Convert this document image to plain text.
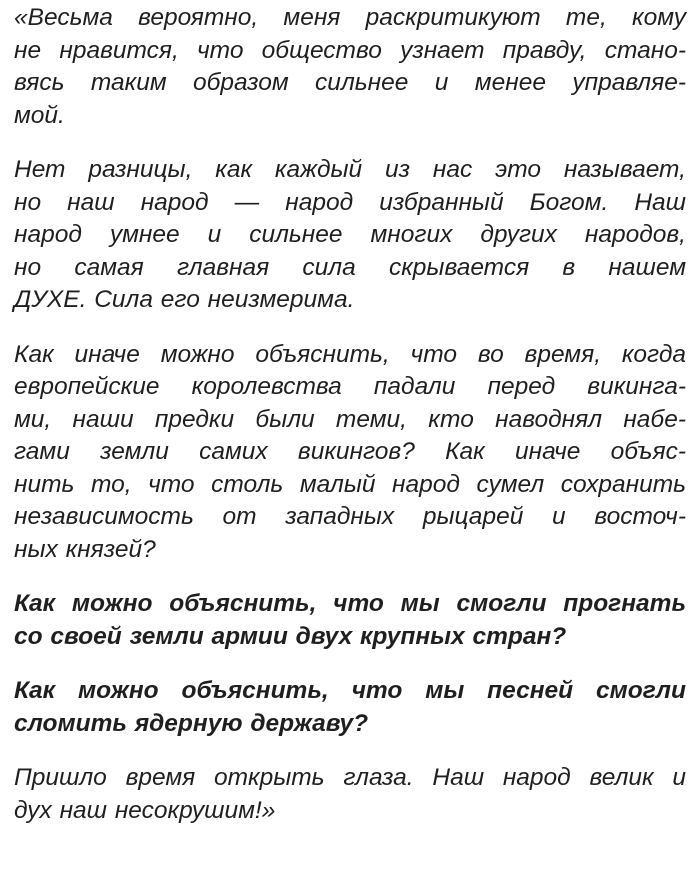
«Весьма вероятно, меня раскритикуют те, кому
не нравится, что общество узнает правду, стано-
вясь таким образом сильнее и менее управляе-
мой.

Нет разницы, как каждый из нас это называет,
но наш народ — народ избранный Богом. Наш
народ умнее и сильнее многих других народов,
но самая главная сила скрывается в нашем
ДУХЕ. Сила его неизмерима.

Как иначе можно объяснить, что во время, когда
европейские королевства падали перед викинга-
ми, наши предки были теми, кто наводнял набе-
гами земли самих викингов? Как иначе объяс-
нить то, что столь малый народ сумел сохранить
независимость от западных рыцарей и восточ-
ных князей?

Как можно объяснить, что мы смогли прогнать
со своей земли армии двух крупных стран?

Как можно объяснить, что мы песней смогли
сломить ядерную державу?

Пришло время открыть глаза. Наш народ велик и
дух наш несокрушим!»
